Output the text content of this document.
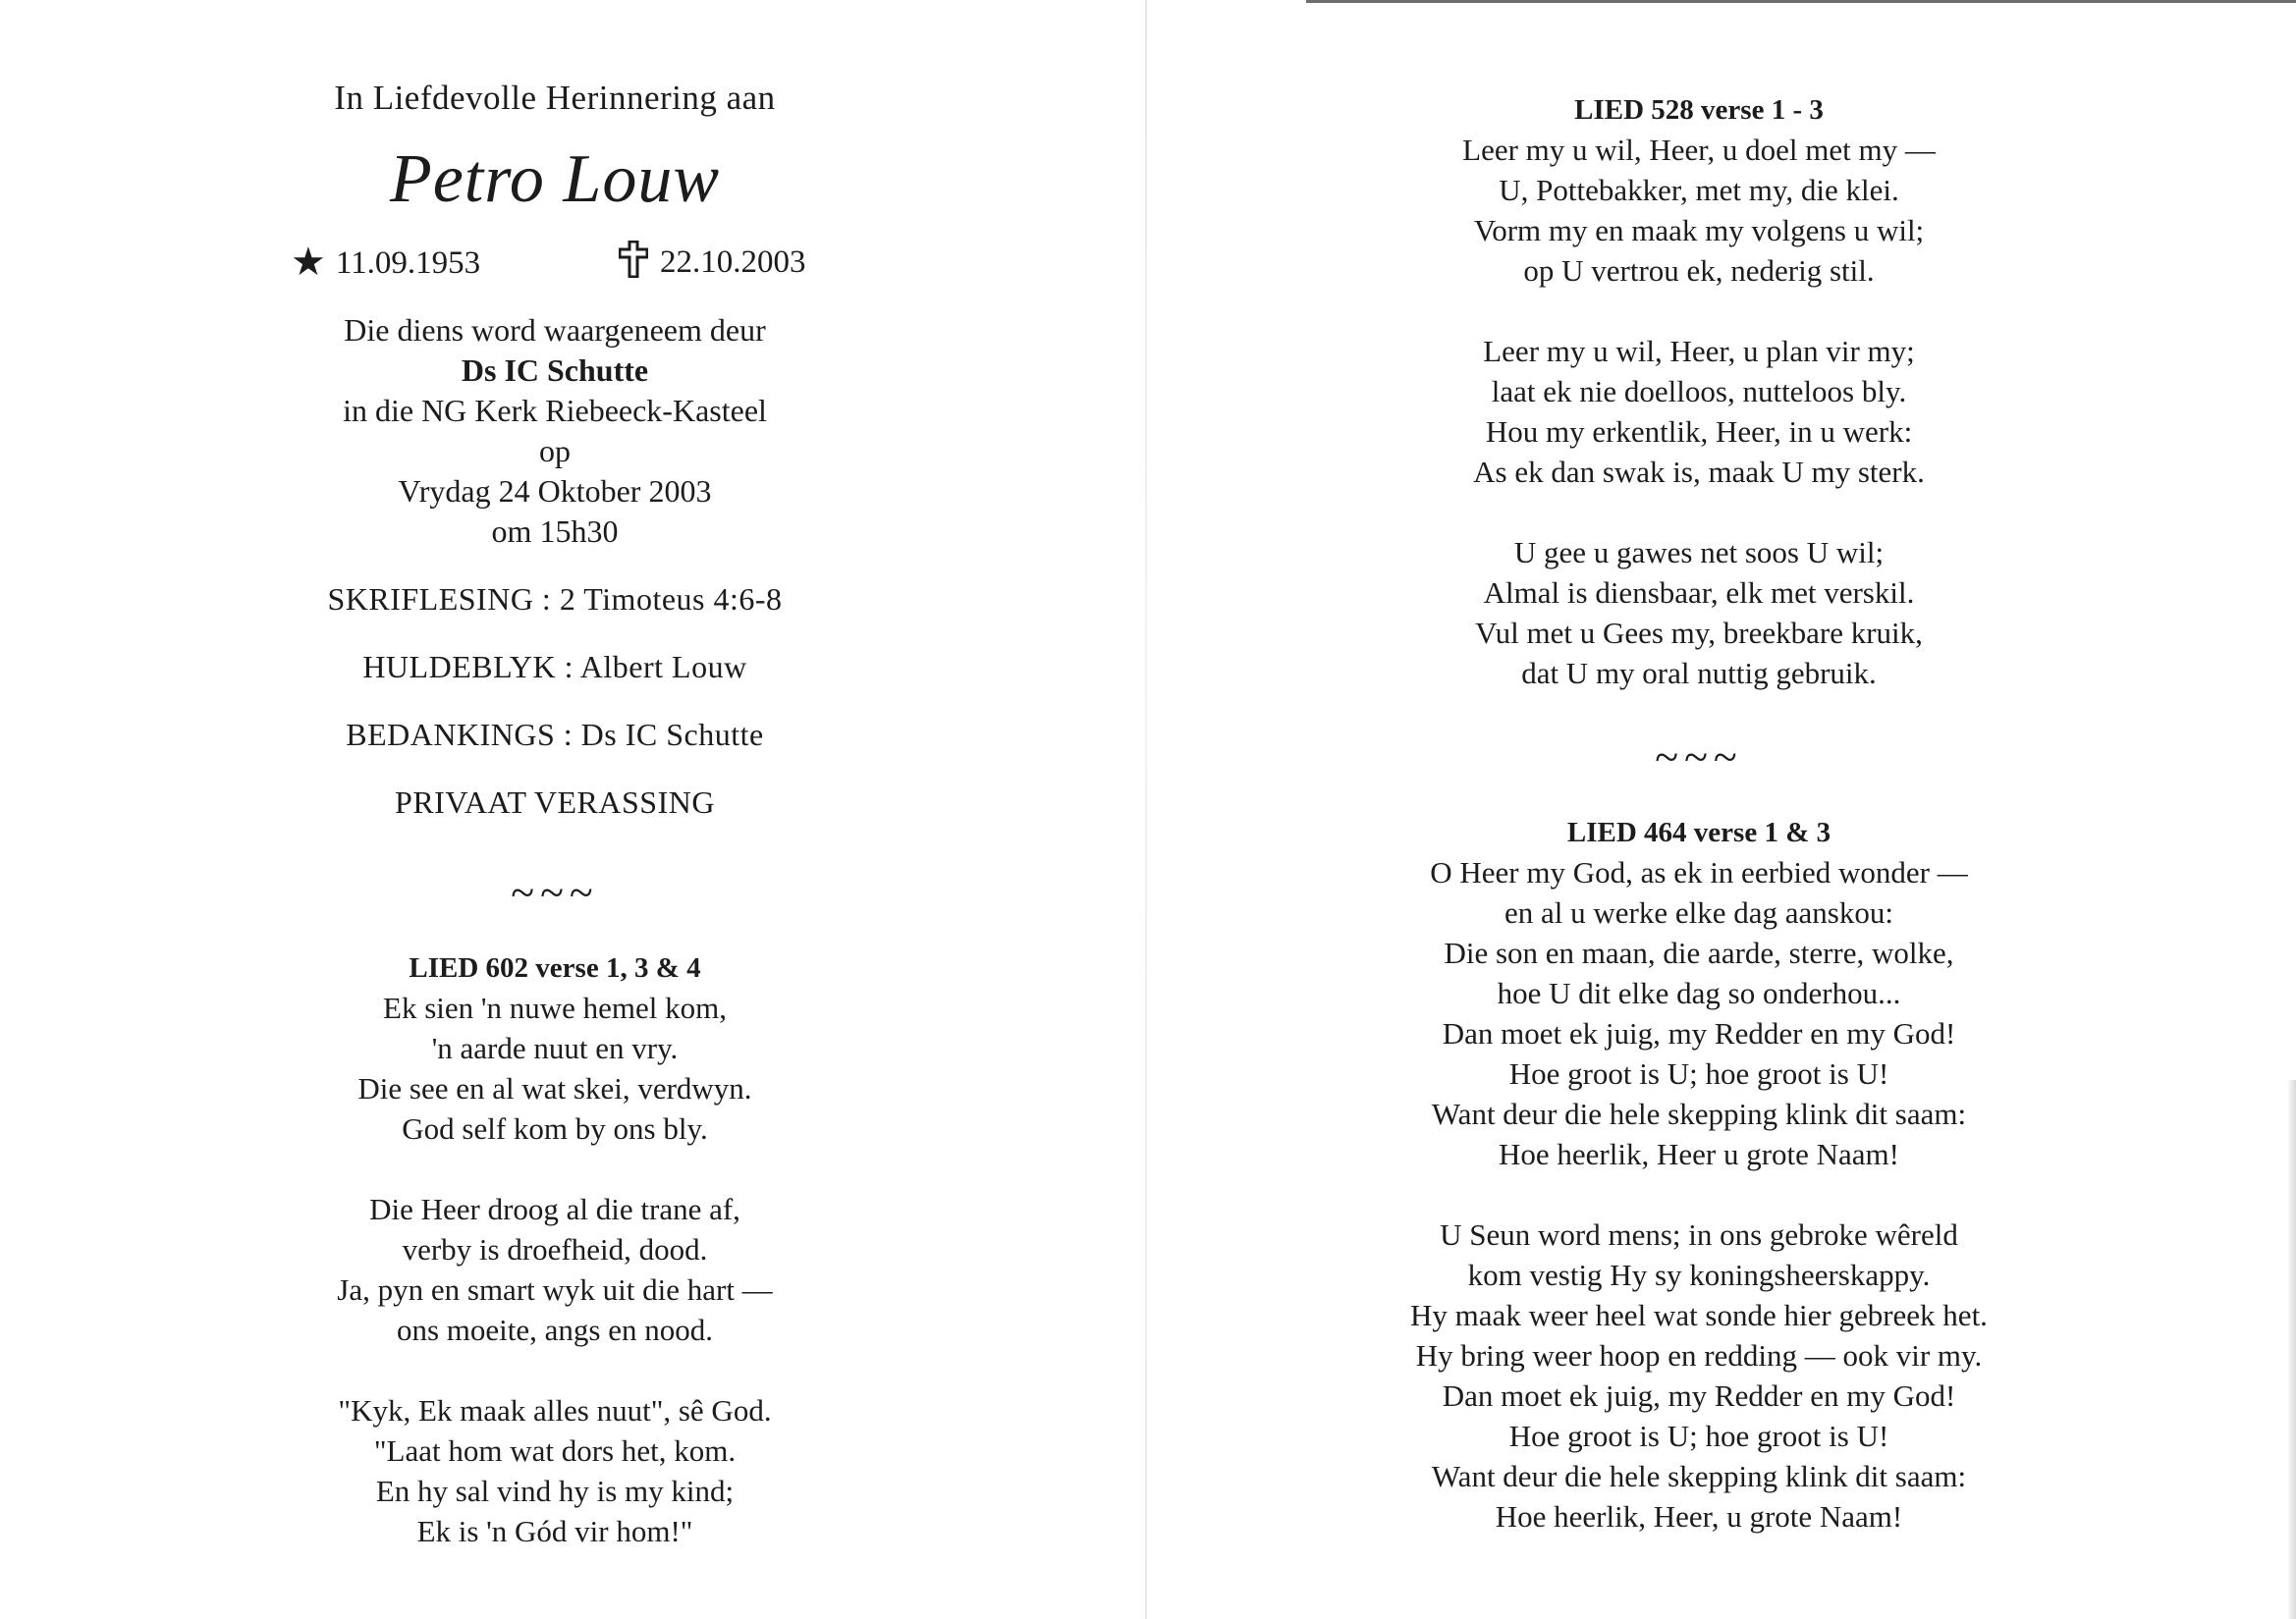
In Liefdevolle Herinnering aan
Petro Louw
★ 11.09.1953	22.10.2003
Die diens word waargeneem deur
Ds IC Schutte
in die NG Kerk Riebeeck-Kasteel
op
Vrydag 24 Oktober 2003
om 15h30
SKRIFLESING : 2 Timoteus 4:6-8
HULDEBLYK : Albert Louw
BEDANKINGS : Ds IC Schutte
PRIVAAT VERASSING
~~~
LIED 602 verse 1, 3 & 4
Ek sien 'n nuwe hemel kom,
'n aarde nuut en vry.
Die see en al wat skei, verdwyn.
God self kom by ons bly.
Die Heer droog al die trane af,
verby is droefheid, dood.
Ja, pyn en smart wyk uit die hart —
ons moeite, angs en nood.
"Kyk, Ek maak alles nuut", sê God.
"Laat hom wat dors het, kom.
En hy sal vind hy is my kind;
Ek is 'n Gód vir hom!"
LIED 528 verse 1 - 3
Leer my u wil, Heer, u doel met my —
U, Pottebakker, met my, die klei.
Vorm my en maak my volgens u wil;
op U vertrou ek, nederig stil.
Leer my u wil, Heer, u plan vir my;
laat ek nie doelloos, nutteloos bly.
Hou my erkentlik, Heer, in u werk:
As ek dan swak is, maak U my sterk.
U gee u gawes net soos U wil;
Almal is diensbaar, elk met verskil.
Vul met u Gees my, breekbare kruik,
dat U my oral nuttig gebruik.
~~~
LIED 464 verse 1 & 3
O Heer my God, as ek in eerbied wonder —
en al u werke elke dag aanskou:
Die son en maan, die aarde, sterre, wolke,
hoe U dit elke dag so onderhou...
Dan moet ek juig, my Redder en my God!
Hoe groot is U; hoe groot is U!
Want deur die hele skepping klink dit saam:
Hoe heerlik, Heer u grote Naam!
U Seun word mens; in ons gebroke wêreld
kom vestig Hy sy koningsheerskappy.
Hy maak weer heel wat sonde hier gebreek het.
Hy bring weer hoop en redding — ook vir my.
Dan moet ek juig, my Redder en my God!
Hoe groot is U; hoe groot is U!
Want deur die hele skepping klink dit saam:
Hoe heerlik, Heer, u grote Naam!
